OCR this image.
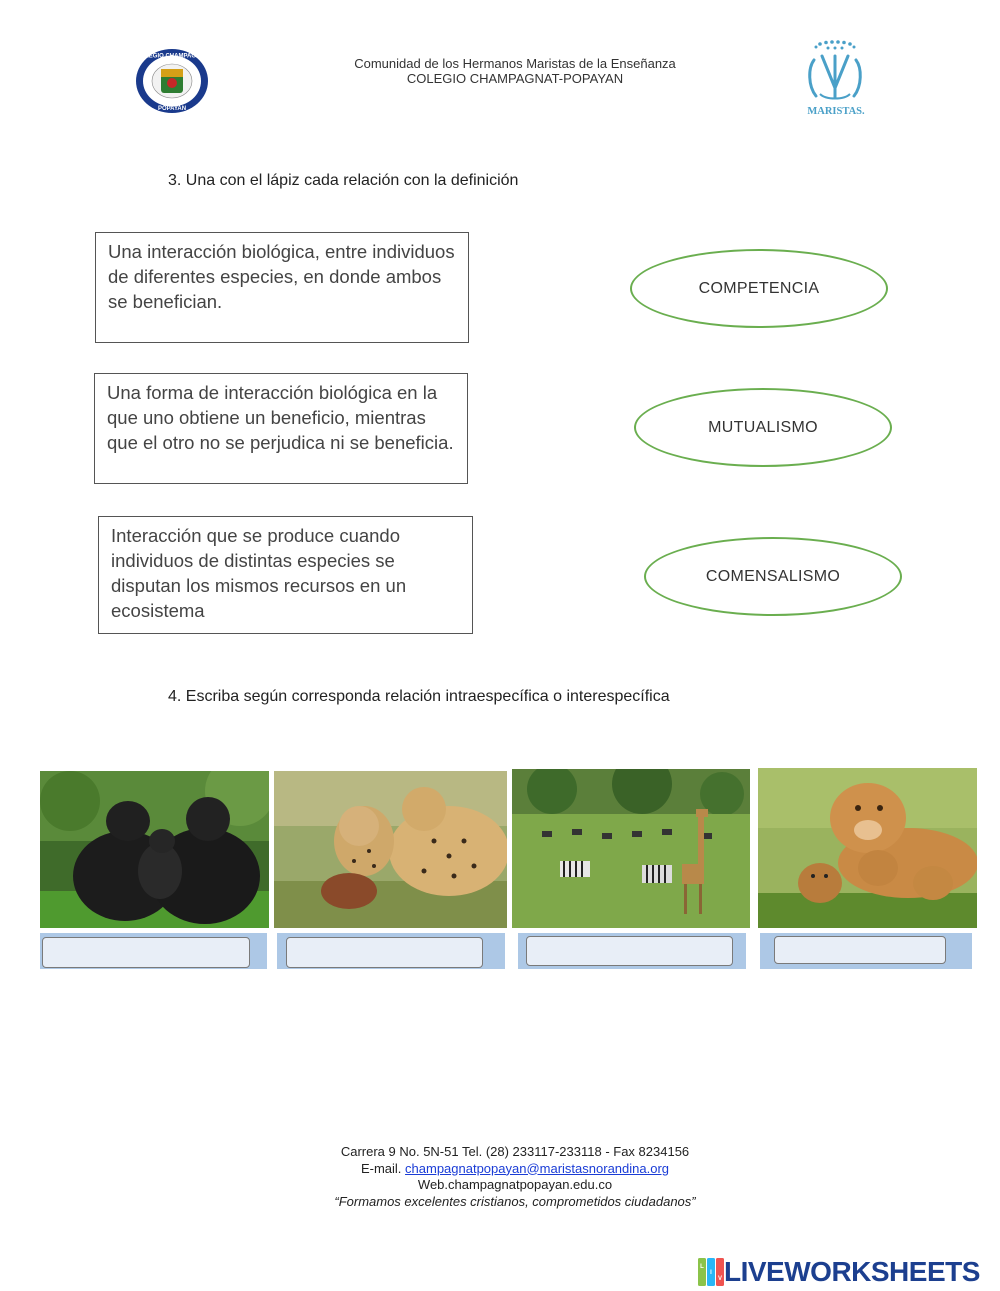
COLEGIO CHAMPAGNAT
POPAYAN
Comunidad de los Hermanos Maristas de la Enseñanza
COLEGIO CHAMPAGNAT-POPAYAN
MARISTAS.
3. Una con el lápiz cada relación con la definición
Una interacción biológica, entre individuos de diferentes especies, en donde ambos se benefician.
Una forma de interacción biológica en la que uno obtiene un beneficio, mientras que el otro no se perjudica ni se beneficia.
Interacción que se produce cuando individuos de distintas especies se disputan los mismos recursos en un ecosistema
COMPETENCIA
MUTUALISMO
COMENSALISMO
4. Escriba según corresponda relación intraespecífica o interespecífica
Carrera 9 No. 5N-51 Tel. (28) 233117-233118 - Fax 8234156
E-mail. champagnatpopayan@maristasnorandina.org
Web.champagnatpopayan.edu.co
“Formamos excelentes cristianos, comprometidos ciudadanos”
L
I
V LIVEWORKSHEETS
